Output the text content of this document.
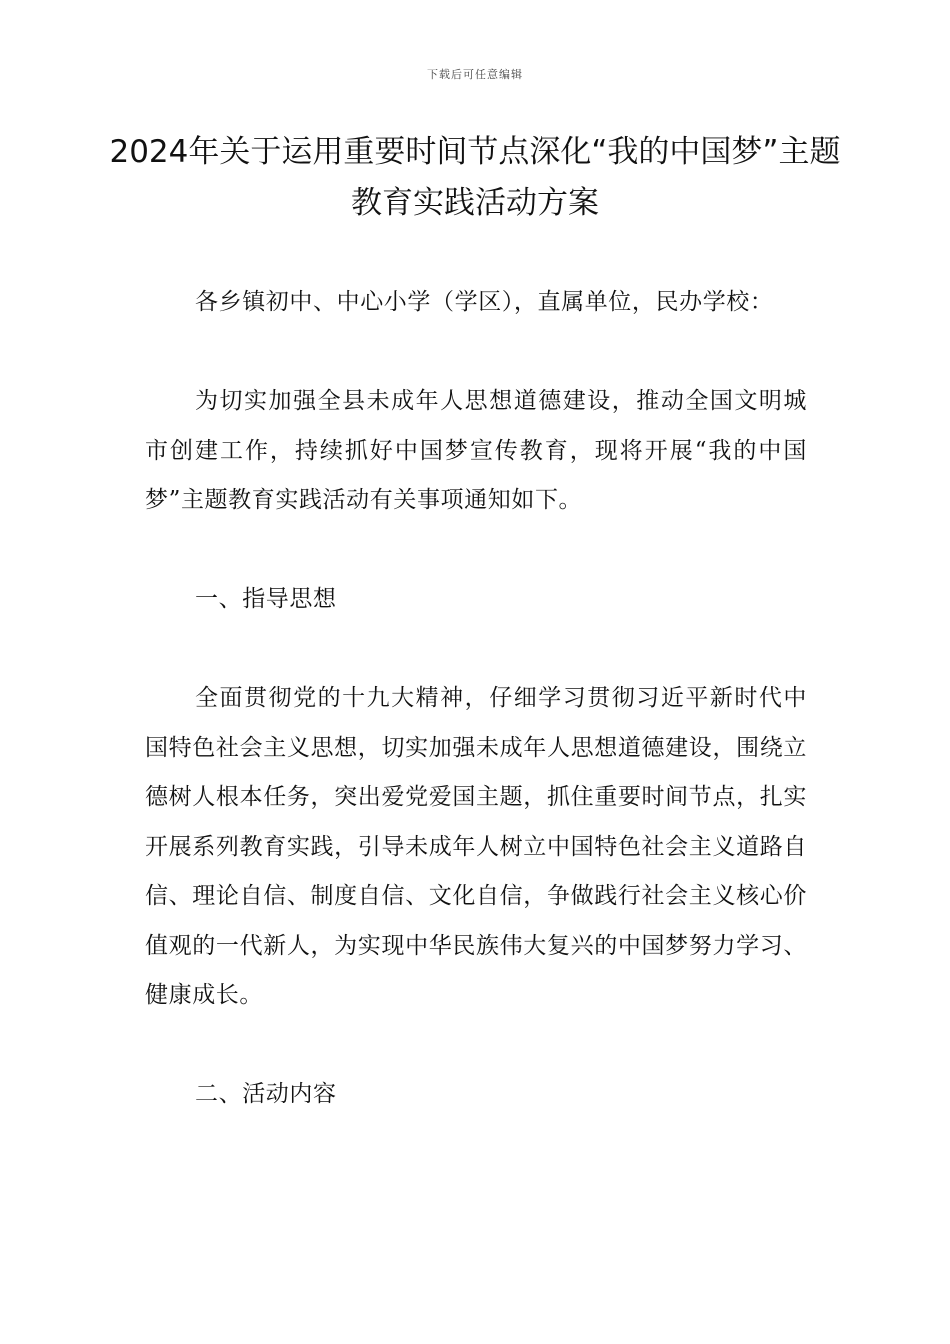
下载后可任意编辑
2024年关于运用重要时间节点深化“我的中国梦”主题教育实践活动方案

各乡镇初中、中心小学（学区），直属单位，民办学校：

为切实加强全县未成年人思想道德建设，推动全国文明城市创建工作，持续抓好中国梦宣传教育，现将开展“我的中国梦”主题教育实践活动有关事项通知如下。

一、指导思想

全面贯彻党的十九大精神，仔细学习贯彻习近平新时代中国特色社会主义思想，切实加强未成年人思想道德建设，围绕立德树人根本任务，突出爱党爱国主题，抓住重要时间节点，扎实开展系列教育实践，引导未成年人树立中国特色社会主义道路自信、理论自信、制度自信、文化自信，争做践行社会主义核心价值观的一代新人，为实现中华民族伟大复兴的中国梦努力学习、健康成长。

二、活动内容
